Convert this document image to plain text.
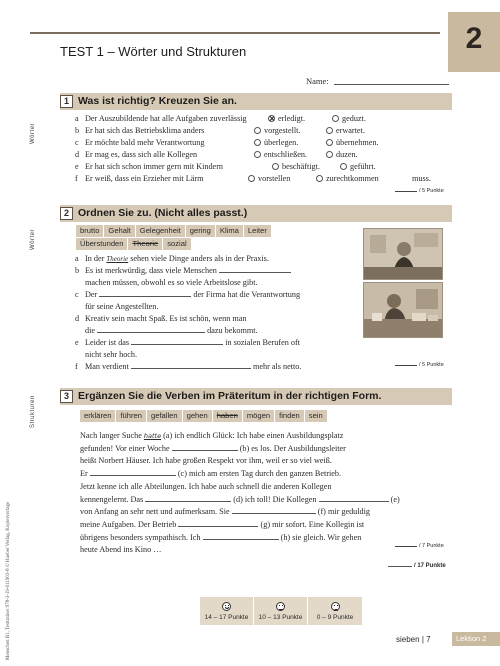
2
TEST 1 – Wörter und Strukturen
Name:
Wörter
Wörter
Strukturen
1 Was ist richtig? Kreuzen Sie an.
a Der Auszubildende hat alle Aufgaben zuverlässig	erledigt.	geduzt.
b Er hat sich das Betriebsklima anders	vorgestellt.	erwartet.
c Er möchte bald mehr Verantwortung	überlegen.	übernehmen.
d Er mag es, dass sich alle Kollegen	entschließen.	duzen.
e Er hat sich schon immer gern mit Kindern	beschäftigt.	geführt.
f Er weiß, dass ein Erzieher mit Lärm	vorstellen	zurechtkommen	muss.
/ 5 Punkte
2 Ordnen Sie zu. (Nicht alles passt.)
brutto	Gehalt	Gelegenheit	gering	Klima	Leiter
Überstunden	Theorie	sozial
a In der Theorie sehen viele Dinge anders als in der Praxis.
b Es ist merkwürdig, dass viele Menschen
machen müssen, obwohl es so viele Arbeitslose gibt.
c Der	der Firma hat die Verantwortung
für seine Angestellten.
d Kreativ sein macht Spaß. Es ist schön, wenn man
die	dazu bekommt.
e Leider ist das	in sozialen Berufen oft
nicht sehr hoch.
f Man verdient	mehr als netto.	/ 5 Punkte
3 Ergänzen Sie die Verben im Präteritum in der richtigen Form.
erklären	führen	gefallen	gehen	haben	mögen	finden	sein
Nach langer Suche hatte (a) ich endlich Glück: Ich habe einen Ausbildungsplatz
gefunden! Vor einer Woche	(b) es los. Der Ausbildungsleiter
heißt Norbert Häuser. Ich habe großen Respekt vor ihm, weil er so viel weiß.
Er	(c) mich am ersten Tag durch den ganzen Betrieb.
Jetzt kenne ich alle Abteilungen. Ich habe auch schnell die anderen Kollegen
kennengelernt. Das	(d) ich toll! Die Kollegen	(e)
von Anfang an sehr nett und aufmerksam. Sie	(f) mir geduldig
meine Aufgaben. Der Betrieb	(g) mir sofort. Eine Kollegin ist
übrigens besonders sympathisch. Ich	(h) sie gleich. Wir gehen
heute Abend ins Kino …	/ 7 Punkte
/ 17 Punkte
14 – 17 Punkte 10 – 13 Punkte 0 – 9 Punkte
sieben | 7	Lektion 2
Menschen B1, Testtrainer 978-3-19-011903-8 © Hueber Verlag, Kopiervorlage
